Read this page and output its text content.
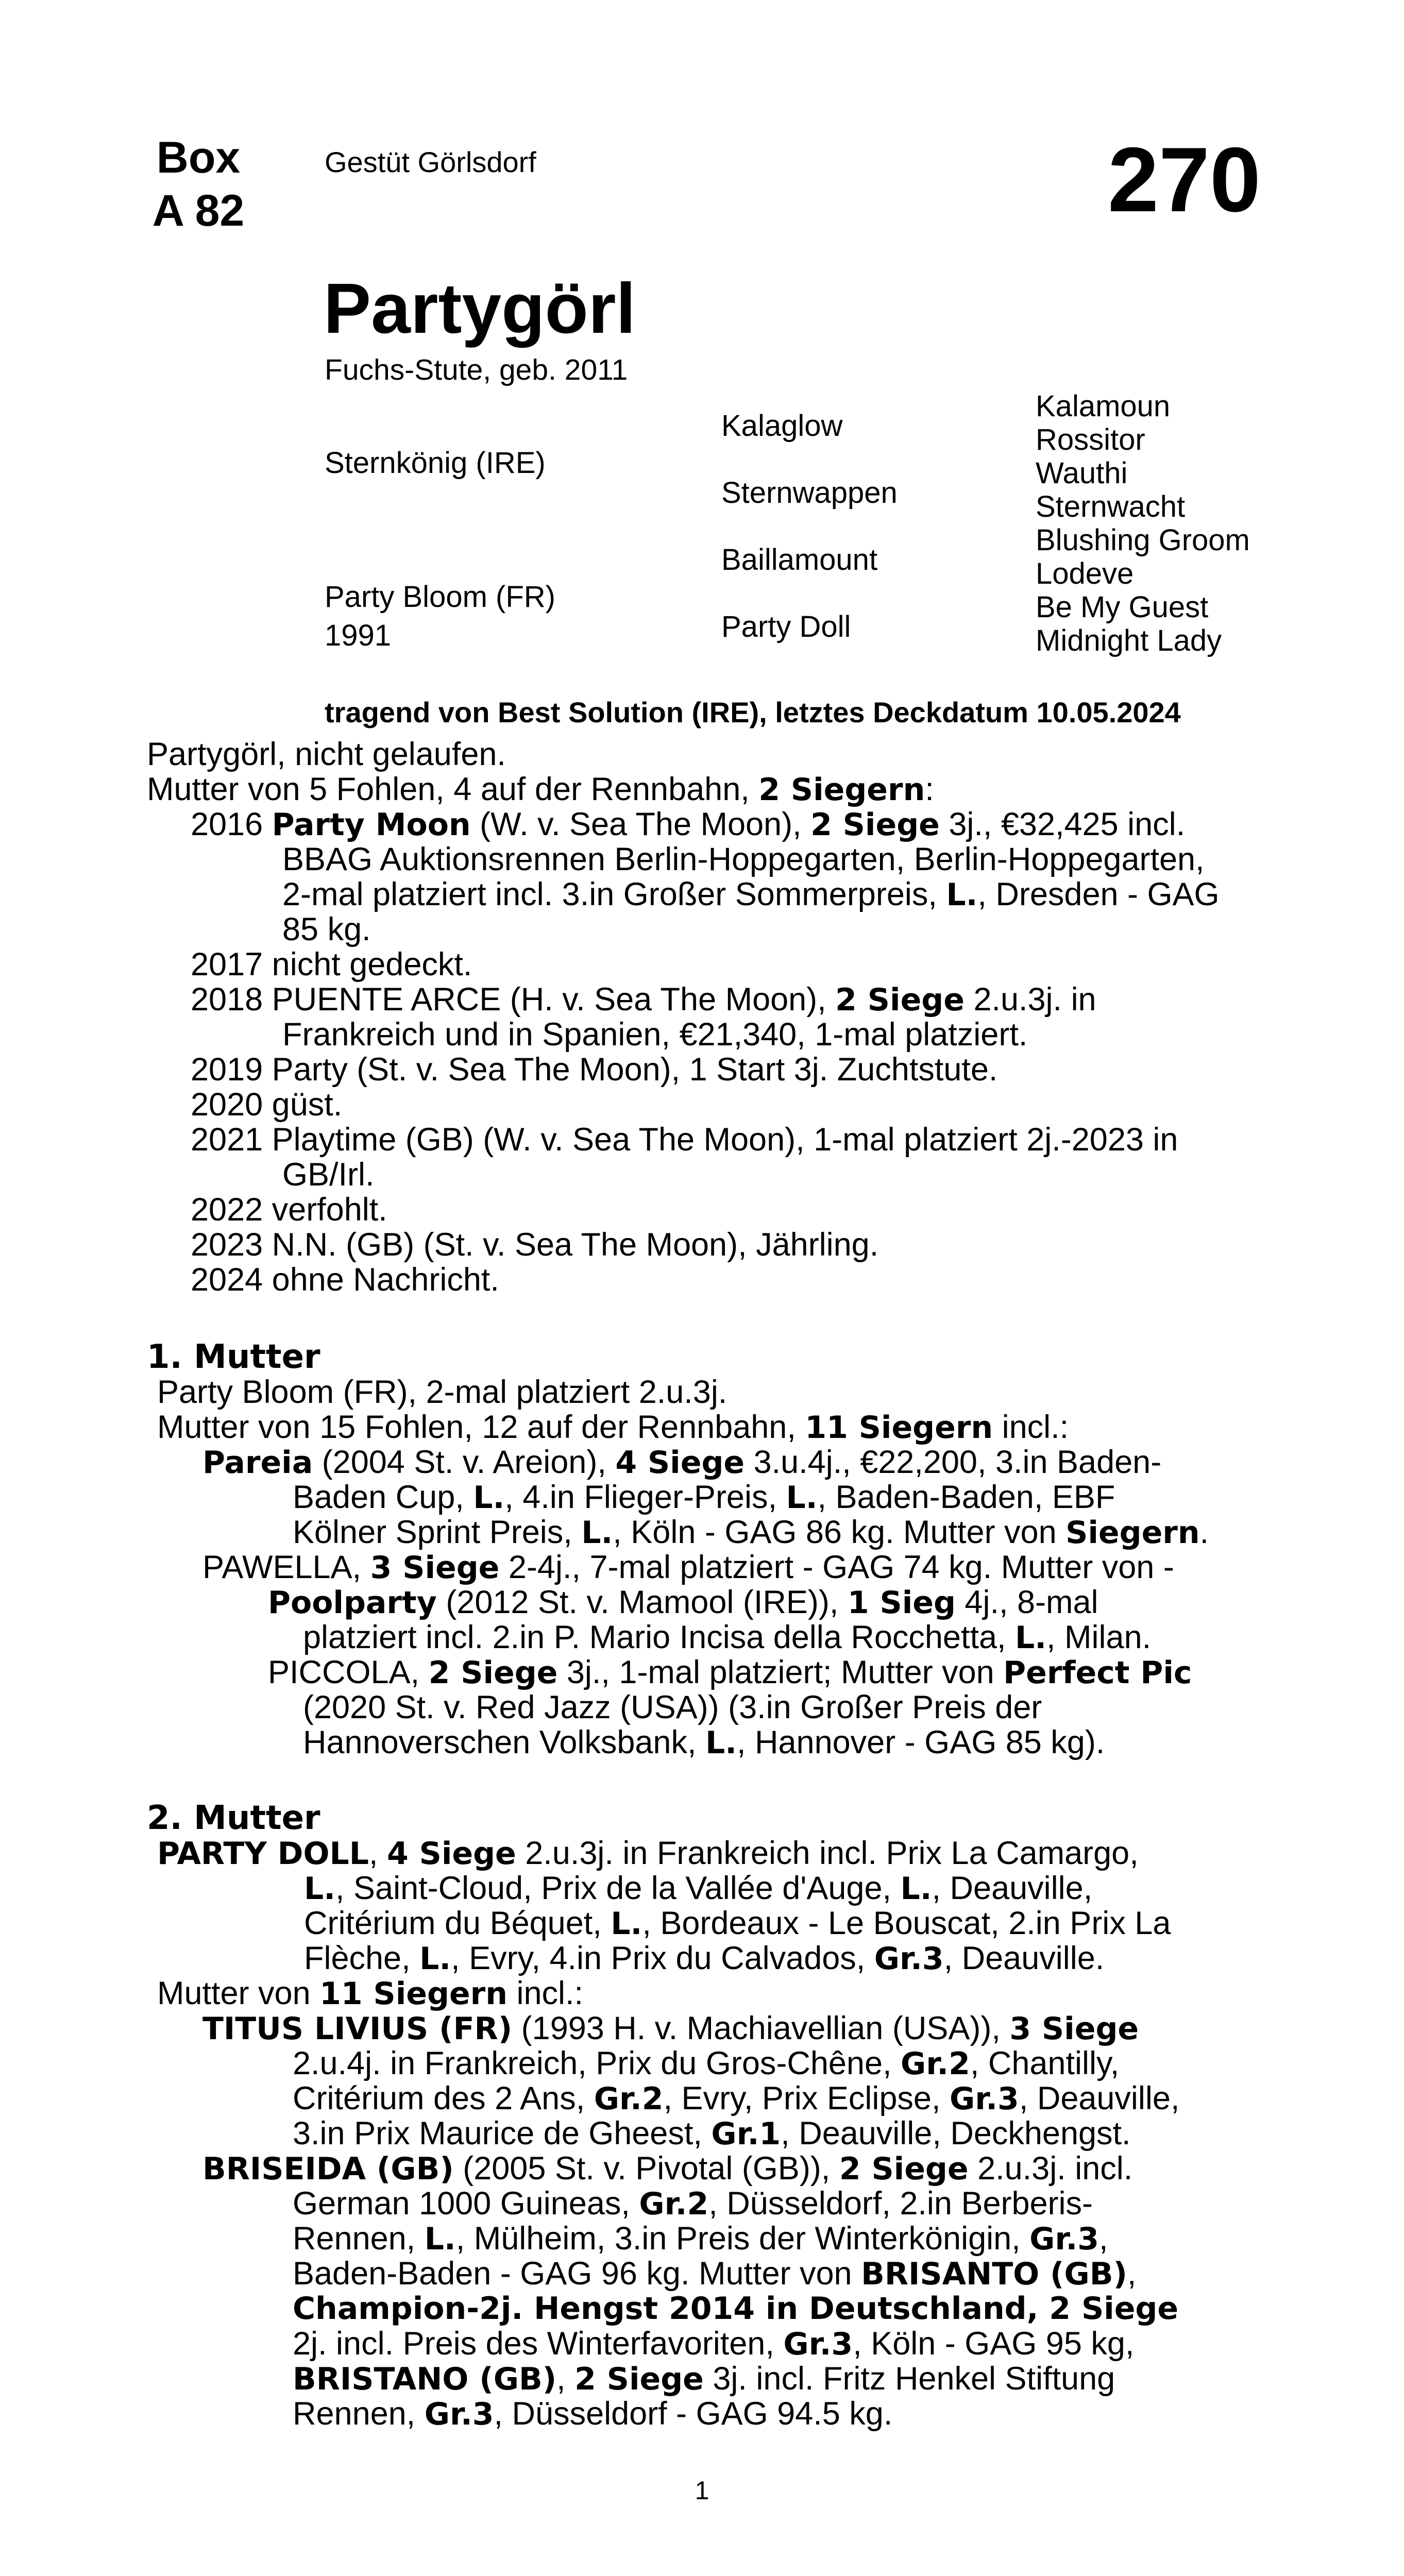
Box
A 82
Gestüt Görlsdorf	270
Partygörl
Fuchs-Stute, geb. 2011
Sternkönig (IRE)
Party Bloom (FR)
1991
Kalaglow
Sternwappen
Baillamount
Party Doll
Kalamoun
Rossitor
Wauthi
Sternwacht
Blushing Groom
Lodeve
Be My Guest
Midnight Lady
tragend von Best Solution (IRE), letztes Deckdatum 10.05.2024
Partygörl, nicht gelaufen.
Mutter von 5 Fohlen, 4 auf der Rennbahn, 2 Siegern:
2016 Party Moon (W. v. Sea The Moon), 2 Siege 3j., €32,425 incl.
BBAG Auktionsrennen Berlin-Hoppegarten, Berlin-Hoppegarten,
2-mal platziert incl. 3.in Großer Sommerpreis, L., Dresden - GAG
85 kg.
2017 nicht gedeckt.
2018 PUENTE ARCE (H. v. Sea The Moon), 2 Siege 2.u.3j. in
Frankreich und in Spanien, €21,340, 1-mal platziert.
2019 Party (St. v. Sea The Moon), 1 Start 3j. Zuchtstute.
2020 güst.
2021 Playtime (GB) (W. v. Sea The Moon), 1-mal platziert 2j.-2023 in
GB/Irl.
2022 verfohlt.
2023 N.N. (GB) (St. v. Sea The Moon), Jährling.
2024 ohne Nachricht.
1. Mutter
Party Bloom (FR), 2-mal platziert 2.u.3j.
Mutter von 15 Fohlen, 12 auf der Rennbahn, 11 Siegern incl.:
Pareia (2004 St. v. Areion), 4 Siege 3.u.4j., €22,200, 3.in Baden-
Baden Cup, L., 4.in Flieger-Preis, L., Baden-Baden, EBF
Kölner Sprint Preis, L., Köln - GAG 86 kg. Mutter von Siegern.
PAWELLA, 3 Siege 2-4j., 7-mal platziert - GAG 74 kg. Mutter von -
Poolparty (2012 St. v. Mamool (IRE)), 1 Sieg 4j., 8-mal
platziert incl. 2.in P. Mario Incisa della Rocchetta, L., Milan.
PICCOLA, 2 Siege 3j., 1-mal platziert; Mutter von Perfect Pic
(2020 St. v. Red Jazz (USA)) (3.in Großer Preis der
Hannoverschen Volksbank, L., Hannover - GAG 85 kg).
2. Mutter
PARTY DOLL, 4 Siege 2.u.3j. in Frankreich incl. Prix La Camargo,
L., Saint-Cloud, Prix de la Vallée d'Auge, L., Deauville,
Critérium du Béquet, L., Bordeaux - Le Bouscat, 2.in Prix La
Flèche, L., Evry, 4.in Prix du Calvados, Gr.3, Deauville.
Mutter von 11 Siegern incl.:
TITUS LIVIUS (FR) (1993 H. v. Machiavellian (USA)), 3 Siege
2.u.4j. in Frankreich, Prix du Gros-Chêne, Gr.2, Chantilly,
Critérium des 2 Ans, Gr.2, Evry, Prix Eclipse, Gr.3, Deauville,
3.in Prix Maurice de Gheest, Gr.1, Deauville, Deckhengst.
BRISEIDA (GB) (2005 St. v. Pivotal (GB)), 2 Siege 2.u.3j. incl.
German 1000 Guineas, Gr.2, Düsseldorf, 2.in Berberis-
Rennen, L., Mülheim, 3.in Preis der Winterkönigin, Gr.3,
Baden-Baden - GAG 96 kg. Mutter von BRISANTO (GB),
Champion-2j. Hengst 2014 in Deutschland, 2 Siege
2j. incl. Preis des Winterfavoriten, Gr.3, Köln - GAG 95 kg,
BRISTANO (GB), 2 Siege 3j. incl. Fritz Henkel Stiftung
Rennen, Gr.3, Düsseldorf - GAG 94.5 kg.
1
